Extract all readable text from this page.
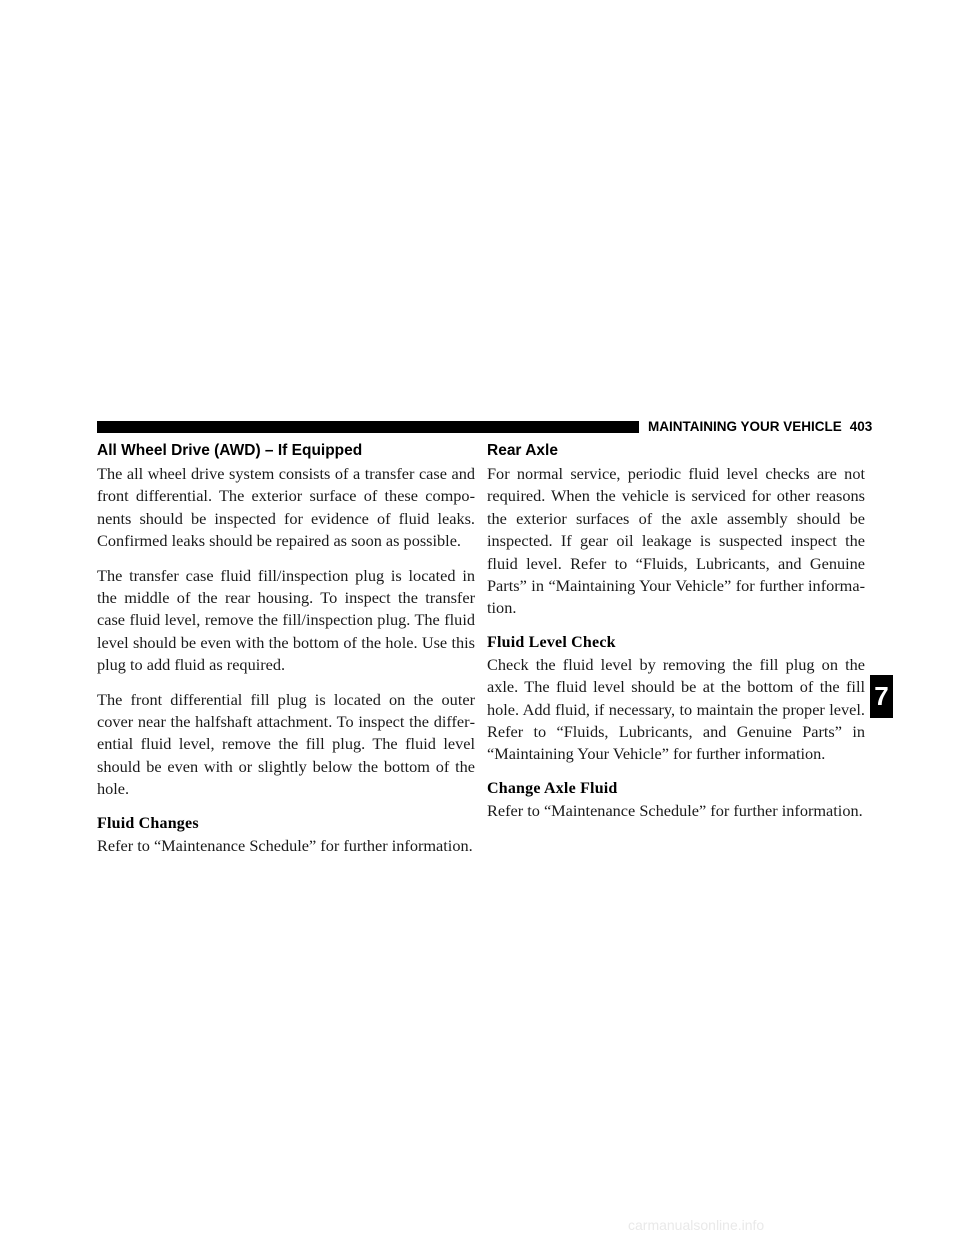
MAINTAINING YOUR VEHICLE 403
All Wheel Drive (AWD) – If Equipped

The all wheel drive system consists of a transfer case and front differential. The exterior surface of these components should be inspected for evidence of fluid leaks. Confirmed leaks should be repaired as soon as possible.

The transfer case fluid fill/inspection plug is located in the middle of the rear housing. To inspect the transfer case fluid level, remove the fill/inspection plug. The fluid level should be even with the bottom of the hole. Use this plug to add fluid as required.

The front differential fill plug is located on the outer cover near the halfshaft attachment. To inspect the differential fluid level, remove the fill plug. The fluid level should be even with or slightly below the bottom of the hole.

Fluid Changes

Refer to “Maintenance Schedule” for further information.

Rear Axle

For normal service, periodic fluid level checks are not required. When the vehicle is serviced for other reasons the exterior surfaces of the axle assembly should be inspected. If gear oil leakage is suspected inspect the fluid level. Refer to “Fluids, Lubricants, and Genuine Parts” in “Maintaining Your Vehicle” for further information.

Fluid Level Check

Check the fluid level by removing the fill plug on the axle. The fluid level should be at the bottom of the fill hole. Add fluid, if necessary, to maintain the proper level. Refer to “Fluids, Lubricants, and Genuine Parts” in “Maintaining Your Vehicle” for further information.

Change Axle Fluid

Refer to “Maintenance Schedule” for further information.

7
carmanualsonline.info
